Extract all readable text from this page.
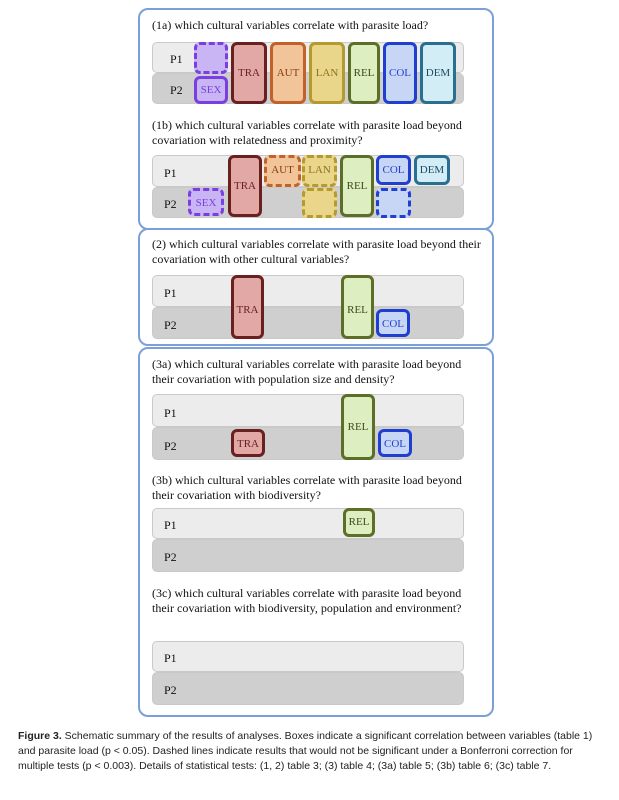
(1a) which cultural variables correlate with parasite load?
P1
P2	SEX
TRA	AUT	LAN	REL COL DEM
(1b) which cultural variables correlate with parasite load beyond covariation with relatedness and proximity?
P1
P2	SEX
TRA
AUT	LAN
REL
COL	DEM
(2) which cultural variables correlate with parasite load beyond their covariation with other cultural variables?
P1
P2
TRA	REL
COL
(3a) which cultural variables correlate with parasite load beyond their covariation with population size and density?
P1
P2	TRA
REL
COL
(3b) which cultural variables correlate with parasite load beyond their covariation with biodiversity?
P1
P2
REL
(3c) which cultural variables correlate with parasite load beyond their covariation with biodiversity, population and environment?
P1
P2
Figure 3. Schematic summary of the results of analyses. Boxes indicate a significant correlation between variables (table 1) and parasite load (p < 0.05). Dashed lines indicate results that would not be significant under a Bonferroni correction for multiple tests (p < 0.003). Details of statistical tests: (1, 2) table 3; (3) table 4; (3a) table 5; (3b) table 6; (3c) table 7.
